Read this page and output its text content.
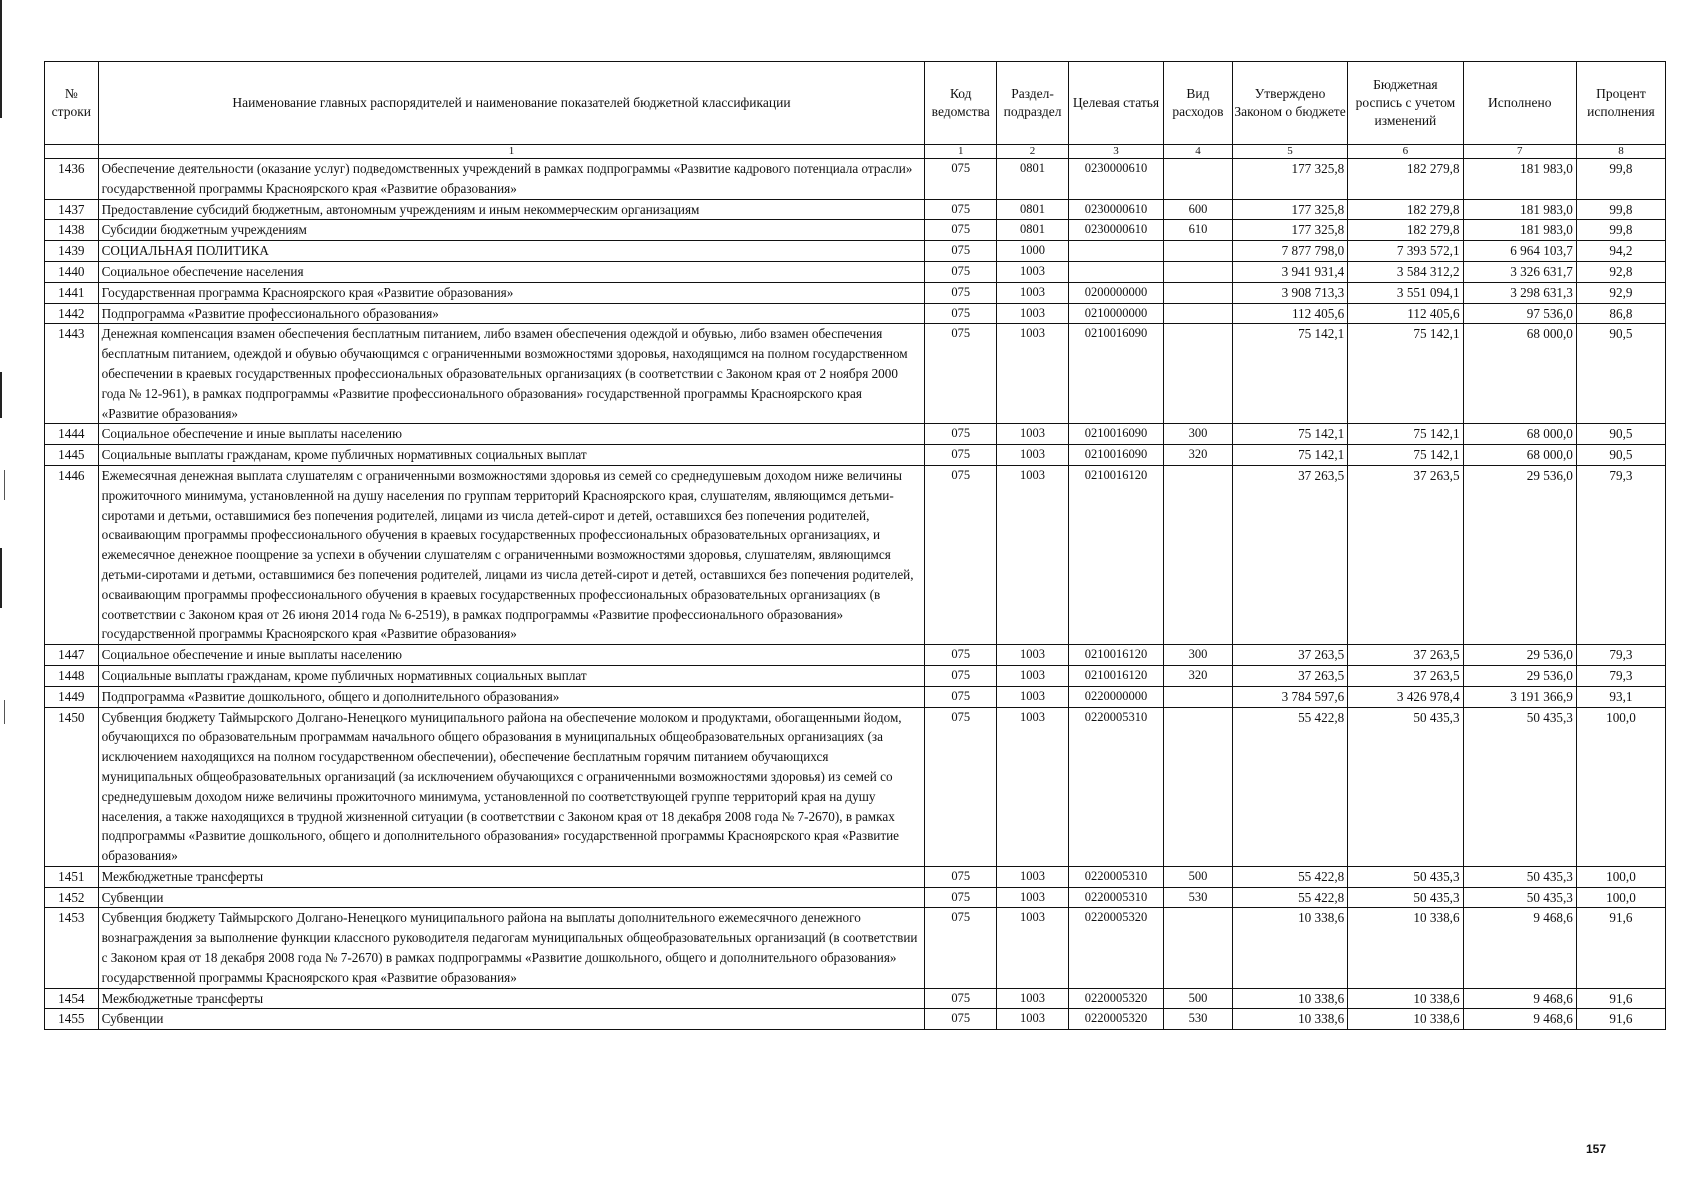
№ строки	Наименование главных распорядителей и наименование показателей бюджетной классификации	Код ведомства	Раздел-подраздел	Целевая статья	Вид расходов	Утверждено Законом о бюджете	Бюджетная роспись с учетом изменений	Исполнено	Процент исполнения
	1	1	2	3	4	5	6	7	8
1436	Обеспечение деятельности (оказание услуг) подведомственных учреждений в рамках подпрограммы «Развитие кадрового потенциала отрасли» государственной программы Красноярского края «Развитие образования»	075	0801	0230000610		177 325,8	182 279,8	181 983,0	99,8
1437	Предоставление субсидий бюджетным, автономным учреждениям и иным некоммерческим организациям	075	0801	0230000610	600	177 325,8	182 279,8	181 983,0	99,8
1438	Субсидии бюджетным учреждениям	075	0801	0230000610	610	177 325,8	182 279,8	181 983,0	99,8
1439	СОЦИАЛЬНАЯ ПОЛИТИКА	075	1000			7 877 798,0	7 393 572,1	6 964 103,7	94,2
1440	Социальное обеспечение населения	075	1003			3 941 931,4	3 584 312,2	3 326 631,7	92,8
1441	Государственная программа Красноярского края «Развитие образования»	075	1003	0200000000		3 908 713,3	3 551 094,1	3 298 631,3	92,9
1442	Подпрограмма «Развитие профессионального образования»	075	1003	0210000000		112 405,6	112 405,6	97 536,0	86,8
1443	Денежная компенсация взамен обеспечения бесплатным питанием, либо взамен обеспечения одеждой и обувью, либо взамен обеспечения бесплатным питанием, одеждой и обувью обучающимся с ограниченными возможностями здоровья, находящимся на полном государственном обеспечении в краевых государственных профессиональных образовательных организациях (в соответствии с Законом края от 2 ноября 2000 года № 12-961), в рамках подпрограммы «Развитие профессионального образования» государственной программы Красноярского края «Развитие образования»	075	1003	0210016090		75 142,1	75 142,1	68 000,0	90,5
1444	Социальное обеспечение и иные выплаты населению	075	1003	0210016090	300	75 142,1	75 142,1	68 000,0	90,5
1445	Социальные выплаты гражданам, кроме публичных нормативных социальных выплат	075	1003	0210016090	320	75 142,1	75 142,1	68 000,0	90,5
1446	Ежемесячная денежная выплата слушателям с ограниченными возможностями здоровья из семей со среднедушевым доходом ниже величины прожиточного минимума, установленной на душу населения по группам территорий Красноярского края, слушателям, являющимся детьми-сиротами и детьми, оставшимися без попечения родителей, лицами из числа детей-сирот и детей, оставшихся без попечения родителей, осваивающим программы профессионального обучения в краевых государственных профессиональных образовательных организациях, и ежемесячное денежное поощрение за успехи в обучении слушателям с ограниченными возможностями здоровья, слушателям, являющимся детьми-сиротами и детьми, оставшимися без попечения родителей, лицами из числа детей-сирот и детей, оставшихся без попечения родителей, осваивающим программы профессионального обучения в краевых государственных профессиональных образовательных организациях (в соответствии с Законом края от 26 июня 2014 года № 6-2519), в рамках подпрограммы «Развитие профессионального образования» государственной программы Красноярского края «Развитие образования»	075	1003	0210016120		37 263,5	37 263,5	29 536,0	79,3
1447	Социальное обеспечение и иные выплаты населению	075	1003	0210016120	300	37 263,5	37 263,5	29 536,0	79,3
1448	Социальные выплаты гражданам, кроме публичных нормативных социальных выплат	075	1003	0210016120	320	37 263,5	37 263,5	29 536,0	79,3
1449	Подпрограмма «Развитие дошкольного, общего и дополнительного образования»	075	1003	0220000000		3 784 597,6	3 426 978,4	3 191 366,9	93,1
1450	Субвенция бюджету Таймырского Долгано-Ненецкого муниципального района на обеспечение молоком и продуктами, обогащенными йодом, обучающихся по образовательным программам начального общего образования в муниципальных общеобразовательных организациях (за исключением находящихся на полном государственном обеспечении), обеспечение бесплатным горячим питанием обучающихся муниципальных общеобразовательных организаций (за исключением обучающихся с ограниченными возможностями здоровья) из семей со среднедушевым доходом ниже величины прожиточного минимума, установленной по соответствующей группе территорий края на душу населения, а также находящихся в трудной жизненной ситуации (в соответствии с Законом края от 18 декабря 2008 года № 7-2670), в рамках подпрограммы «Развитие дошкольного, общего и дополнительного образования» государственной программы Красноярского края «Развитие образования»	075	1003	0220005310		55 422,8	50 435,3	50 435,3	100,0
1451	Межбюджетные трансферты	075	1003	0220005310	500	55 422,8	50 435,3	50 435,3	100,0
1452	Субвенции	075	1003	0220005310	530	55 422,8	50 435,3	50 435,3	100,0
1453	Субвенция бюджету Таймырского Долгано-Ненецкого муниципального района на выплаты дополнительного ежемесячного денежного вознаграждения за выполнение функции классного руководителя педагогам муниципальных общеобразовательных организаций (в соответствии с Законом края от 18 декабря 2008 года № 7-2670) в рамках подпрограммы «Развитие дошкольного, общего и дополнительного образования» государственной программы Красноярского края «Развитие образования»	075	1003	0220005320		10 338,6	10 338,6	9 468,6	91,6
1454	Межбюджетные трансферты	075	1003	0220005320	500	10 338,6	10 338,6	9 468,6	91,6
1455	Субвенции	075	1003	0220005320	530	10 338,6	10 338,6	9 468,6	91,6
157
